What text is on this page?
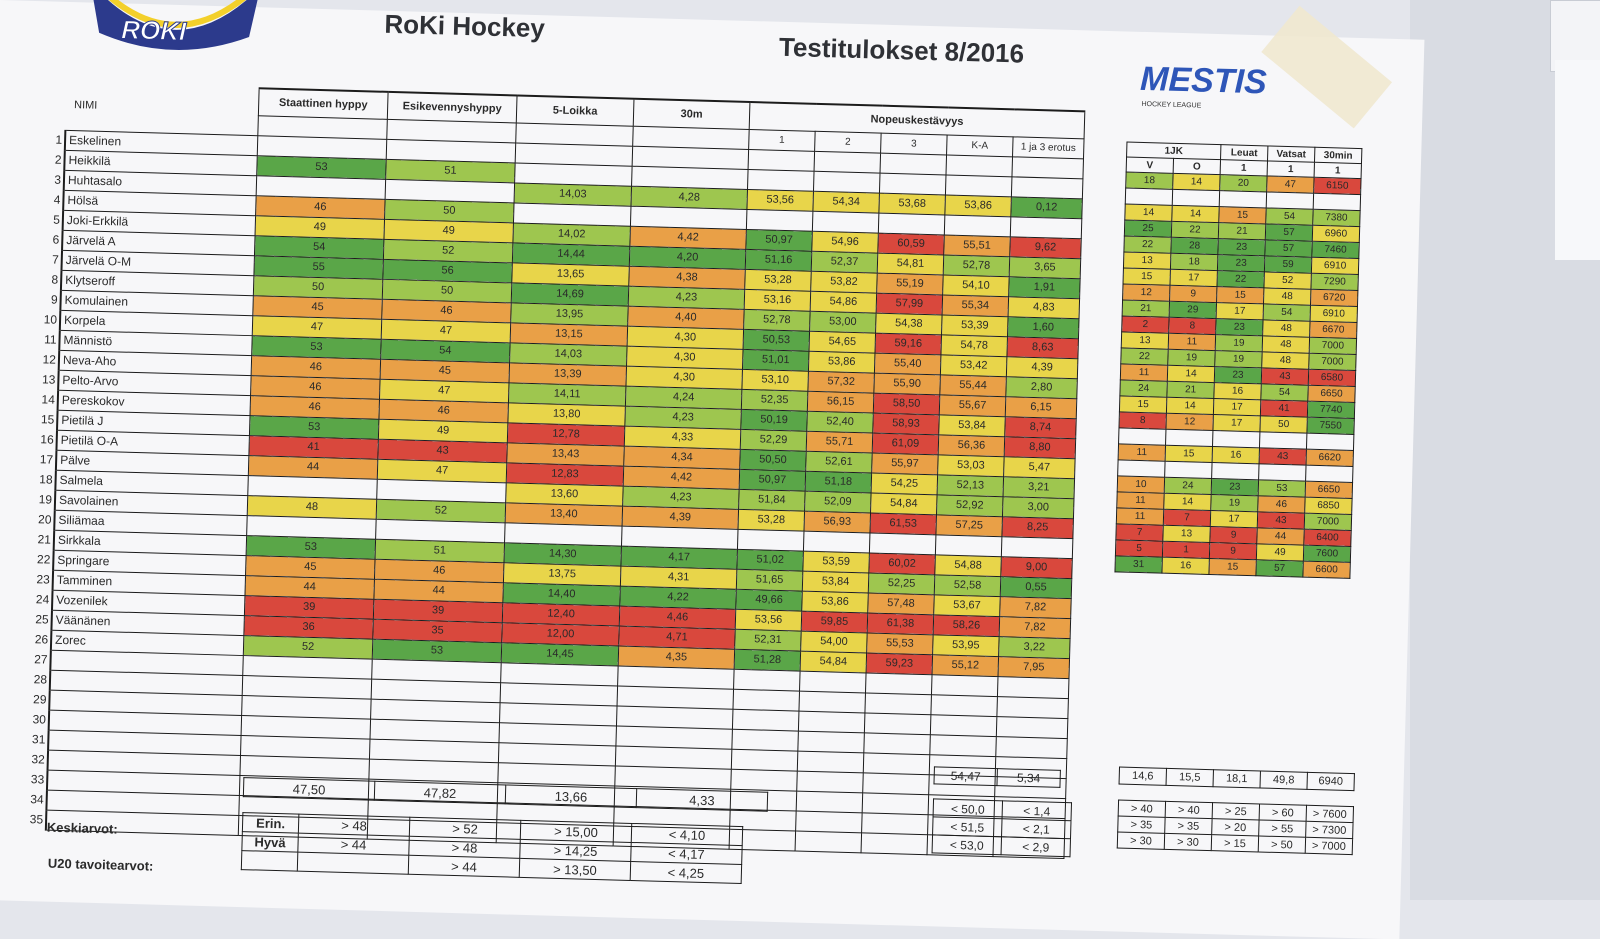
ROKI	RoKi Hockey
Testitulokset 8/2016
MESTIS
HOCKEY LEAGUE
	NIMI	Staattinen hyppy	Esikevennyshyppy	5-Loikka	30m	Nopeuskestävyys				
						1	2	3	K-A	1 ja 3 erotus
1	Eskelinen									
2	Heikkilä	53	51							
3	Huhtasalo			14,03	4,28	53,56	54,34	53,68	53,86	0,12
4	Hölsä	46	50							
5	Joki-Erkkilä	49	49	14,02	4,42	50,97	54,96	60,59	55,51	9,62
6	Järvelä A	54	52	14,44	4,20	51,16	52,37	54,81	52,78	3,65
7	Järvelä O-M	55	56	13,65	4,38	53,28	53,82	55,19	54,10	1,91
8	Klytseroff	50	50	14,69	4,23	53,16	54,86	57,99	55,34	4,83
9	Komulainen	45	46	13,95	4,40	52,78	53,00	54,38	53,39	1,60
10	Korpela	47	47	13,15	4,30	50,53	54,65	59,16	54,78	8,63
11	Männistö	53	54	14,03	4,30	51,01	53,86	55,40	53,42	4,39
12	Neva-Aho	46	45	13,39	4,30	53,10	57,32	55,90	55,44	2,80
13	Pelto-Arvo	46	47	14,11	4,24	52,35	56,15	58,50	55,67	6,15
14	Pereskokov	46	46	13,80	4,23	50,19	52,40	58,93	53,84	8,74
15	Pietilä J	53	49	12,78	4,33	52,29	55,71	61,09	56,36	8,80
16	Pietilä O-A	41	43	13,43	4,34	50,50	52,61	55,97	53,03	5,47
17	Pälve	44	47	12,83	4,42	50,97	51,18	54,25	52,13	3,21
18	Salmela			13,60	4,23	51,84	52,09	54,84	52,92	3,00
19	Savolainen	48	52	13,40	4,39	53,28	56,93	61,53	57,25	8,25
20	Siliämaa									
21	Sirkkala	53	51	14,30	4,17	51,02	53,59	60,02	54,88	9,00
22	Springare	45	46	13,75	4,31	51,65	53,84	52,25	52,58	0,55
23	Tamminen	44	44	14,40	4,22	49,66	53,86	57,48	53,67	7,82
24	Vozenilek	39	39	12,40	4,46	53,56	59,85	61,38	58,26	7,82
25	Väänänen	36	35	12,00	4,71	52,31	54,00	55,53	53,95	3,22
26	Zorec	52	53	14,45	4,35	51,28	54,84	59,23	55,12	7,95
27										
28										
29										
30										
31										
32										
33										
34										
35										
1JK		Leuat	Vatsat	30min
V	O	1	1	1
18	14	20	47	6150

14	14	15	54	7380
25	22	21	57	6960
22	28	23	57	7460
13	18	23	59	6910
15	17	22	52	7290
12	9	15	48	6720
21	29	17	54	6910
2	8	23	48	6670
13	11	19	48	7000
22	19	19	48	7000
11	14	23	43	6580
24	21	16	54	6650
15	14	17	41	7740
8	12	17	50	7550

11	15	16	43	6620

10	24	23	53	6650
11	14	19	46	6850
11	7	17	43	7000
7	13	9	44	6400
5	1	9	49	7600
31	16	15	57	6600
54,47	5,34
< 50,0	< 1,4
< 51,5	< 2,1
< 53,0	< 2,9
14,6	15,5	18,1	49,8	6940
> 40	> 40	> 25	> 60	> 7600
> 35	> 35	> 20	> 55	> 7300
> 30	> 30	> 15	> 50	> 7000
47,50	47,82	13,66	4,33
Keskiarvot:
U20 tavoitearvot:
Erin.	> 48	> 52	> 15,00	< 4,10
Hyvä	> 44	> 48	> 14,25	< 4,17
		> 44	> 13,50	< 4,25
